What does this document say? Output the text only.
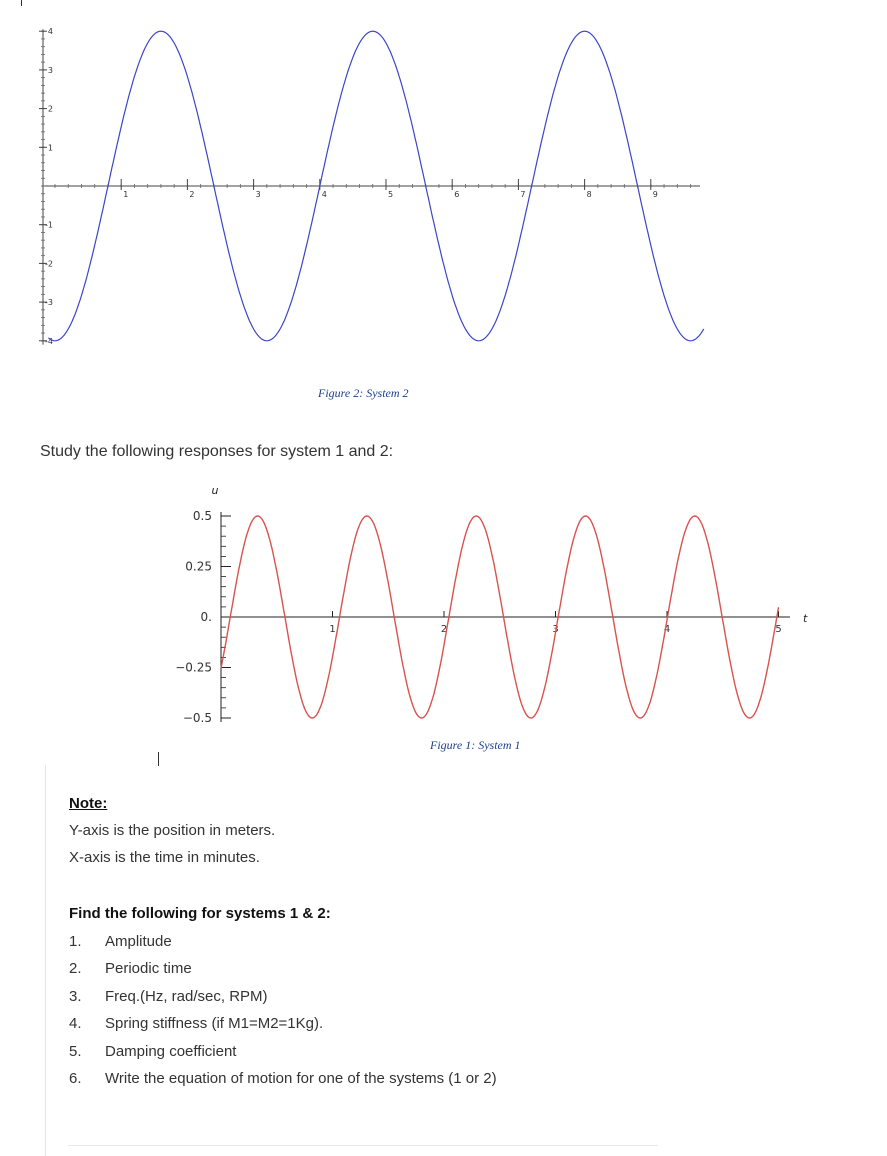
1	2	3	4	5	6	7	8	9
4
3
2
1
-1
-2
-3
-4
Figure 2: System 2
Study the following responses for system 1 and 2:
u
t
1	2	3	4	5
0.5
0.25
0.
−0.25
−0.5
Figure 1: System 1
Note:
Y-axis is the position in meters.
X-axis is the time in minutes.
Find the following for systems 1 & 2:
1.	Amplitude
2.	Periodic time
3.	Freq.(Hz, rad/sec, RPM)
4.	Spring stiffness (if M1=M2=1Kg).
5.	Damping coefficient
6.	Write the equation of motion for one of the systems (1 or 2)
